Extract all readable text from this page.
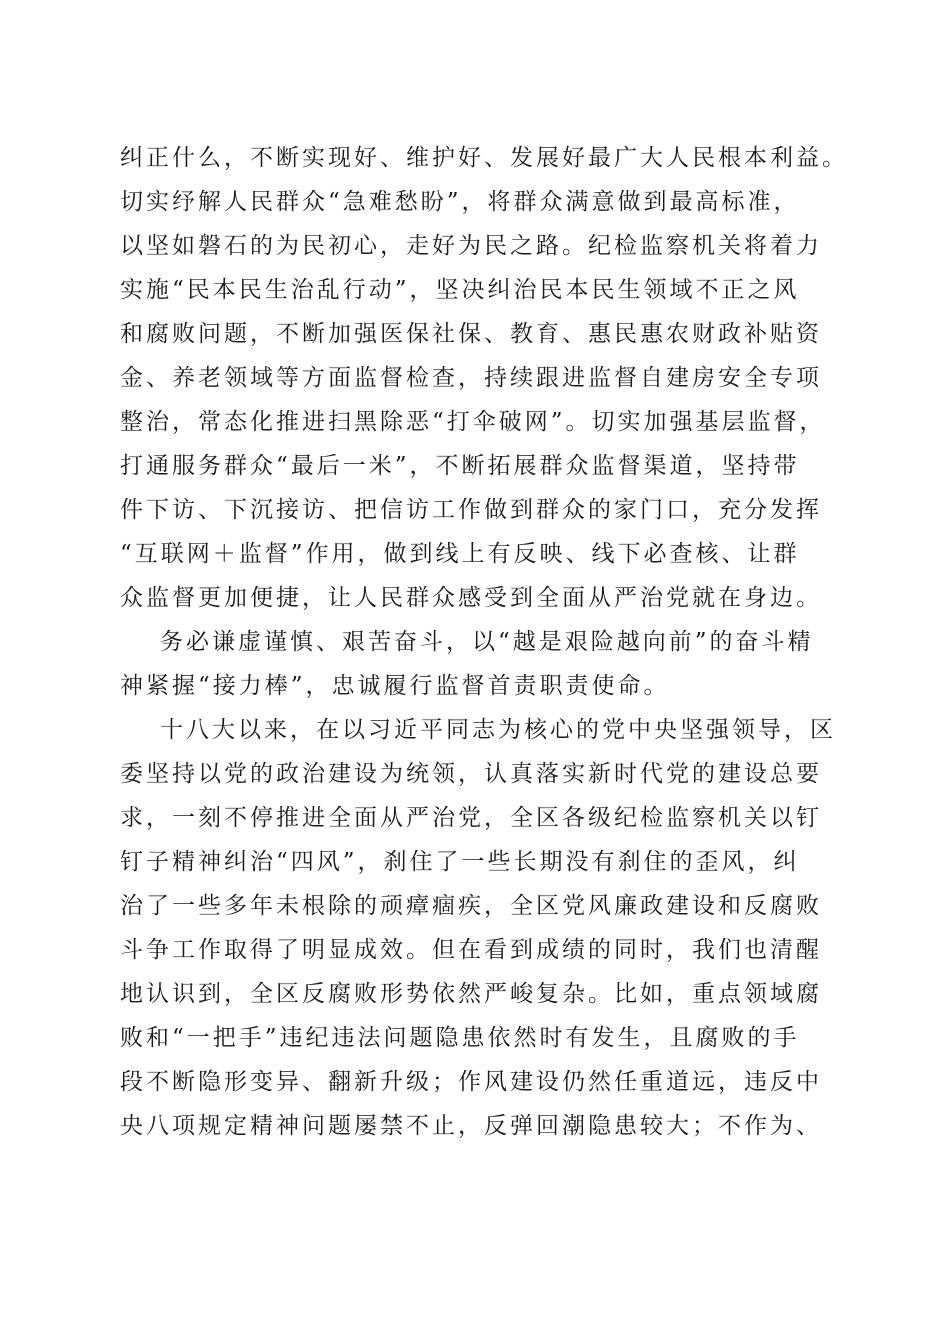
纠正什么，不断实现好、维护好、发展好最广大人民根本利益。
切实纾解人民群众“急难愁盼”，将群众满意做到最高标准，
以坚如磐石的为民初心，走好为民之路。纪检监察机关将着力
实施“民本民生治乱行动”，坚决纠治民本民生领域不正之风
和腐败问题，不断加强医保社保、教育、惠民惠农财政补贴资
金、养老领域等方面监督检查，持续跟进监督自建房安全专项
整治，常态化推进扫黑除恶“打伞破网”。切实加强基层监督，
打通服务群众“最后一米”，不断拓展群众监督渠道，坚持带
件下访、下沉接访、把信访工作做到群众的家门口，充分发挥
“互联网＋监督”作用，做到线上有反映、线下必查核、让群
众监督更加便捷，让人民群众感受到全面从严治党就在身边。
务必谦虚谨慎、艰苦奋斗，以“越是艰险越向前”的奋斗精
神紧握“接力棒”，忠诚履行监督首责职责使命。
十八大以来，在以习近平同志为核心的党中央坚强领导，区
委坚持以党的政治建设为统领，认真落实新时代党的建设总要
求，一刻不停推进全面从严治党，全区各级纪检监察机关以钉
钉子精神纠治“四风”，刹住了一些长期没有刹住的歪风，纠
治了一些多年未根除的顽瘴痼疾，全区党风廉政建设和反腐败
斗争工作取得了明显成效。但在看到成绩的同时，我们也清醒
地认识到，全区反腐败形势依然严峻复杂。比如，重点领域腐
败和“一把手”违纪违法问题隐患依然时有发生，且腐败的手
段不断隐形变异、翻新升级；作风建设仍然任重道远，违反中
央八项规定精神问题屡禁不止，反弹回潮隐患较大；不作为、
